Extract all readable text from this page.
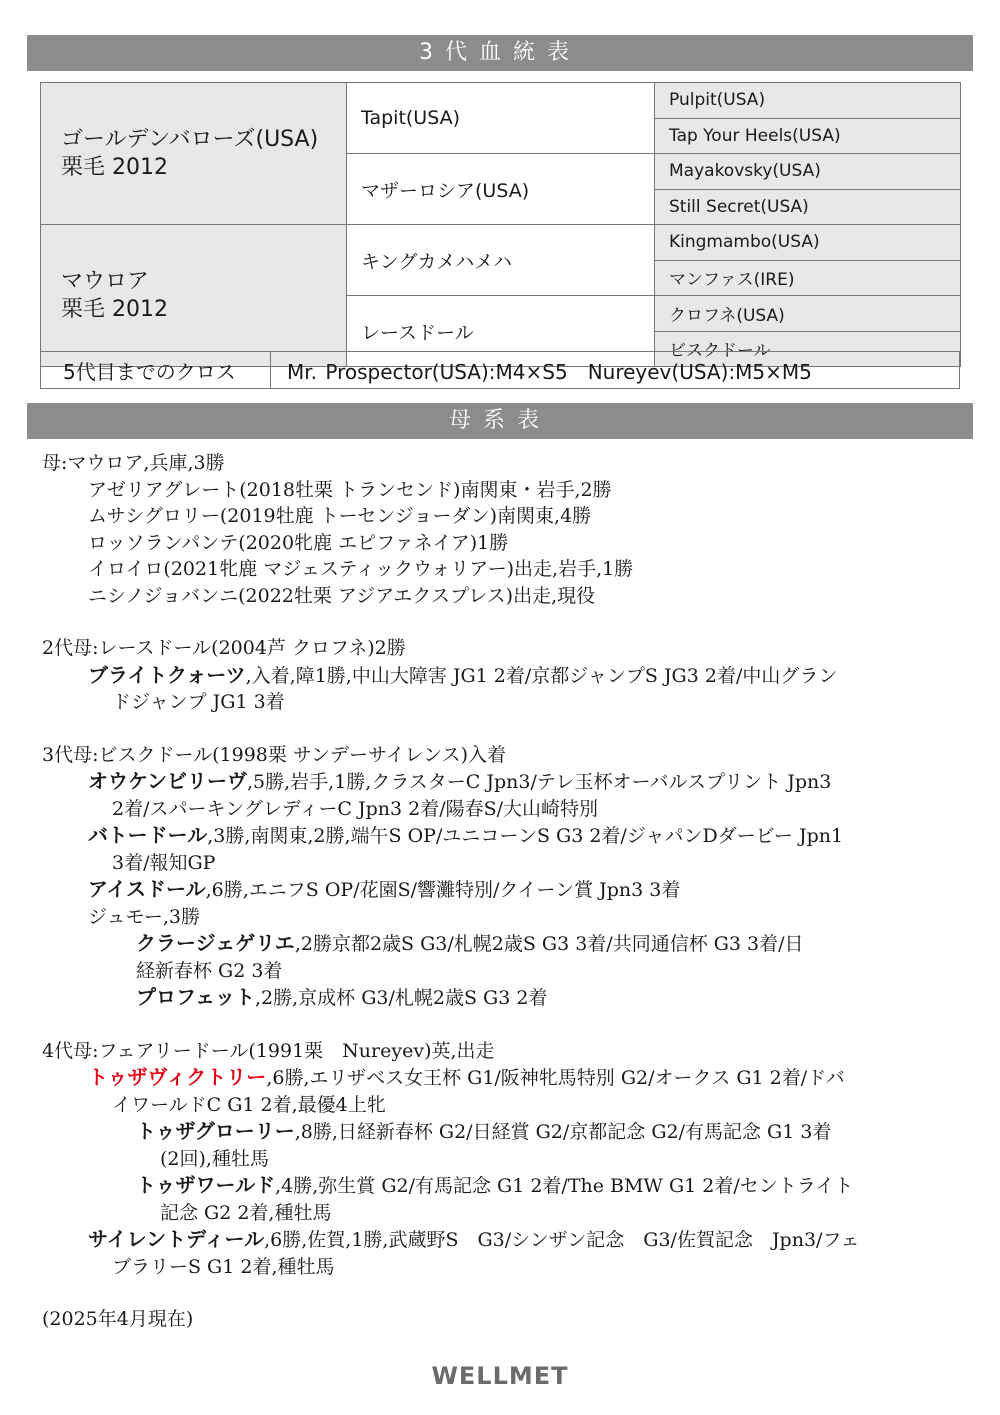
3代血統表
ゴールデンバローズ(USA)
栗毛 2012	Tapit(USA)	Pulpit(USA)
		Tap Your Heels(USA)
	マザーロシア(USA)	Mayakovsky(USA)
		Still Secret(USA)

マウロア
栗毛 2012	キングカメハメハ	Kingmambo(USA)
		マンファス(IRE)
	レースドール	クロフネ(USA)
		ビスクドール
5代目までのクロス	Mr. Prospector(USA):M4×S5　Nureyev(USA):M5×M5
母系表
母:マウロア,兵庫,3勝
アゼリアグレート(2018牡栗 トランセンド)南関東・岩手,2勝
ムサシグロリー(2019牡鹿 トーセンジョーダン)南関東,4勝
ロッソランパンテ(2020牝鹿 エピファネイア)1勝
イロイロ(2021牝鹿 マジェスティックウォリアー)出走,岩手,1勝
ニシノジョバンニ(2022牡栗 アジアエクスプレス)出走,現役
2代母:レースドール(2004芦 クロフネ)2勝
ブライトクォーツ,入着,障1勝,中山大障害 JG1 2着/京都ジャンプS JG3 2着/中山グラン
ドジャンプ JG1 3着
3代母:ビスクドール(1998栗 サンデーサイレンス)入着
オウケンビリーヴ,5勝,岩手,1勝,クラスターC Jpn3/テレ玉杯オーバルスプリント Jpn3
2着/スパーキングレディーC Jpn3 2着/陽春S/大山崎特別
バトードール,3勝,南関東,2勝,端午S OP/ユニコーンS G3 2着/ジャパンDダービー Jpn1
3着/報知GP
アイスドール,6勝,エニフS OP/花園S/響灘特別/クイーン賞 Jpn3 3着
ジュモー,3勝
クラージェゲリエ,2勝京都2歳S G3/札幌2歳S G3 3着/共同通信杯 G3 3着/日
経新春杯 G2 3着
プロフェット,2勝,京成杯 G3/札幌2歳S G3 2着
4代母:フェアリードール(1991栗　Nureyev)英,出走
トゥザヴィクトリー,6勝,エリザベス女王杯 G1/阪神牝馬特別 G2/オークス G1 2着/ドバ
イワールドC G1 2着,最優4上牝
トゥザグローリー,8勝,日経新春杯 G2/日経賞 G2/京都記念 G2/有馬記念 G1 3着
(2回),種牡馬
トゥザワールド,4勝,弥生賞 G2/有馬記念 G1 2着/The BMW G1 2着/セントライト
記念 G2 2着,種牡馬
サイレントディール,6勝,佐賀,1勝,武蔵野S　G3/シンザン記念　G3/佐賀記念　Jpn3/フェ
ブラリーS G1 2着,種牡馬
(2025年4月現在)
WELLMET
